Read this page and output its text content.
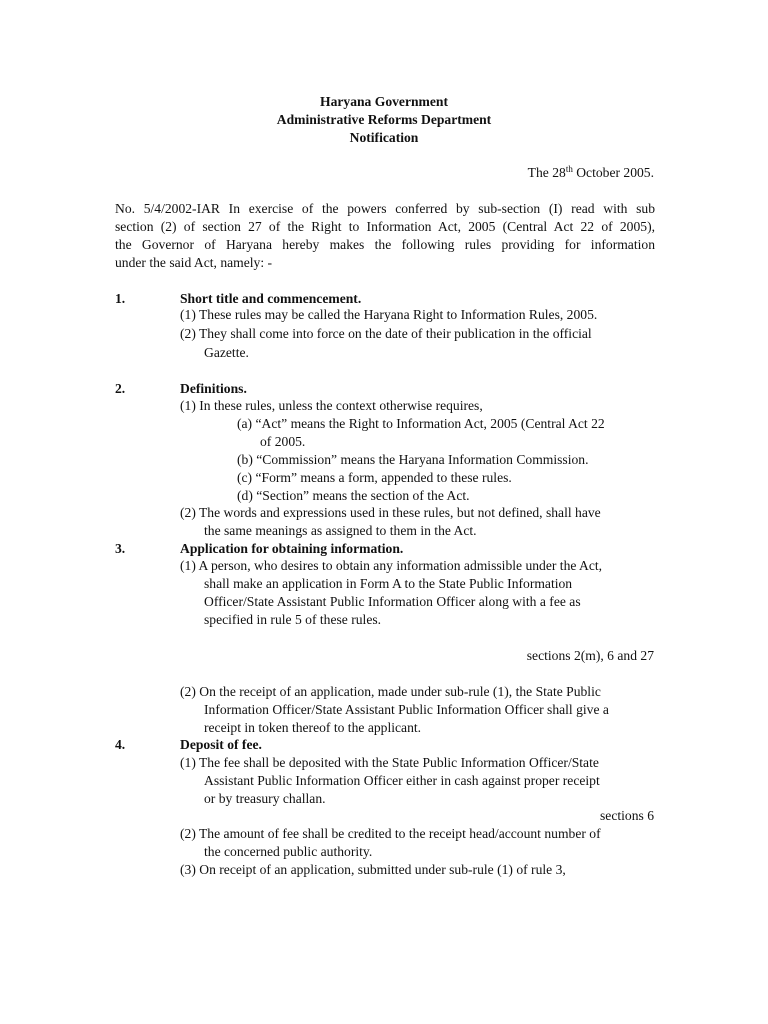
Haryana Government
Administrative Reforms Department
Notification
The 28th October 2005.
No. 5/4/2002-IAR In exercise of the powers conferred by sub-section (I) read with sub
section (2) of section 27 of the Right to Information Act, 2005 (Central Act 22 of 2005),
the Governor of Haryana hereby makes the following rules providing for information
under the said Act, namely: -
1.	Short title and commencement.
(1) These rules may be called the Haryana Right to Information Rules, 2005.
(2) They shall come into force on the date of their publication in the official
Gazette.
2.	Definitions.
(1) In these rules, unless the context otherwise requires,
(a) “Act” means the Right to Information Act, 2005 (Central Act 22
of 2005.
(b) “Commission” means the Haryana Information Commission.
(c) “Form” means a form, appended to these rules.
(d) “Section” means the section of the Act.
(2) The words and expressions used in these rules, but not defined, shall have
the same meanings as assigned to them in the Act.
3.	Application for obtaining information.
(1) A person, who desires to obtain any information admissible under the Act,
shall make an application in Form A to the State Public Information
Officer/State Assistant Public Information Officer along with a fee as
specified in rule 5 of these rules.
sections 2(m), 6 and 27
(2) On the receipt of an application, made under sub-rule (1), the State Public
Information Officer/State Assistant Public Information Officer shall give a
receipt in token thereof to the applicant.
4.	Deposit of fee.
(1) The fee shall be deposited with the State Public Information Officer/State
Assistant Public Information Officer either in cash against proper receipt
or by treasury challan.
sections 6
(2) The amount of fee shall be credited to the receipt head/account number of
the concerned public authority.
(3) On receipt of an application, submitted under sub-rule (1) of rule 3,
